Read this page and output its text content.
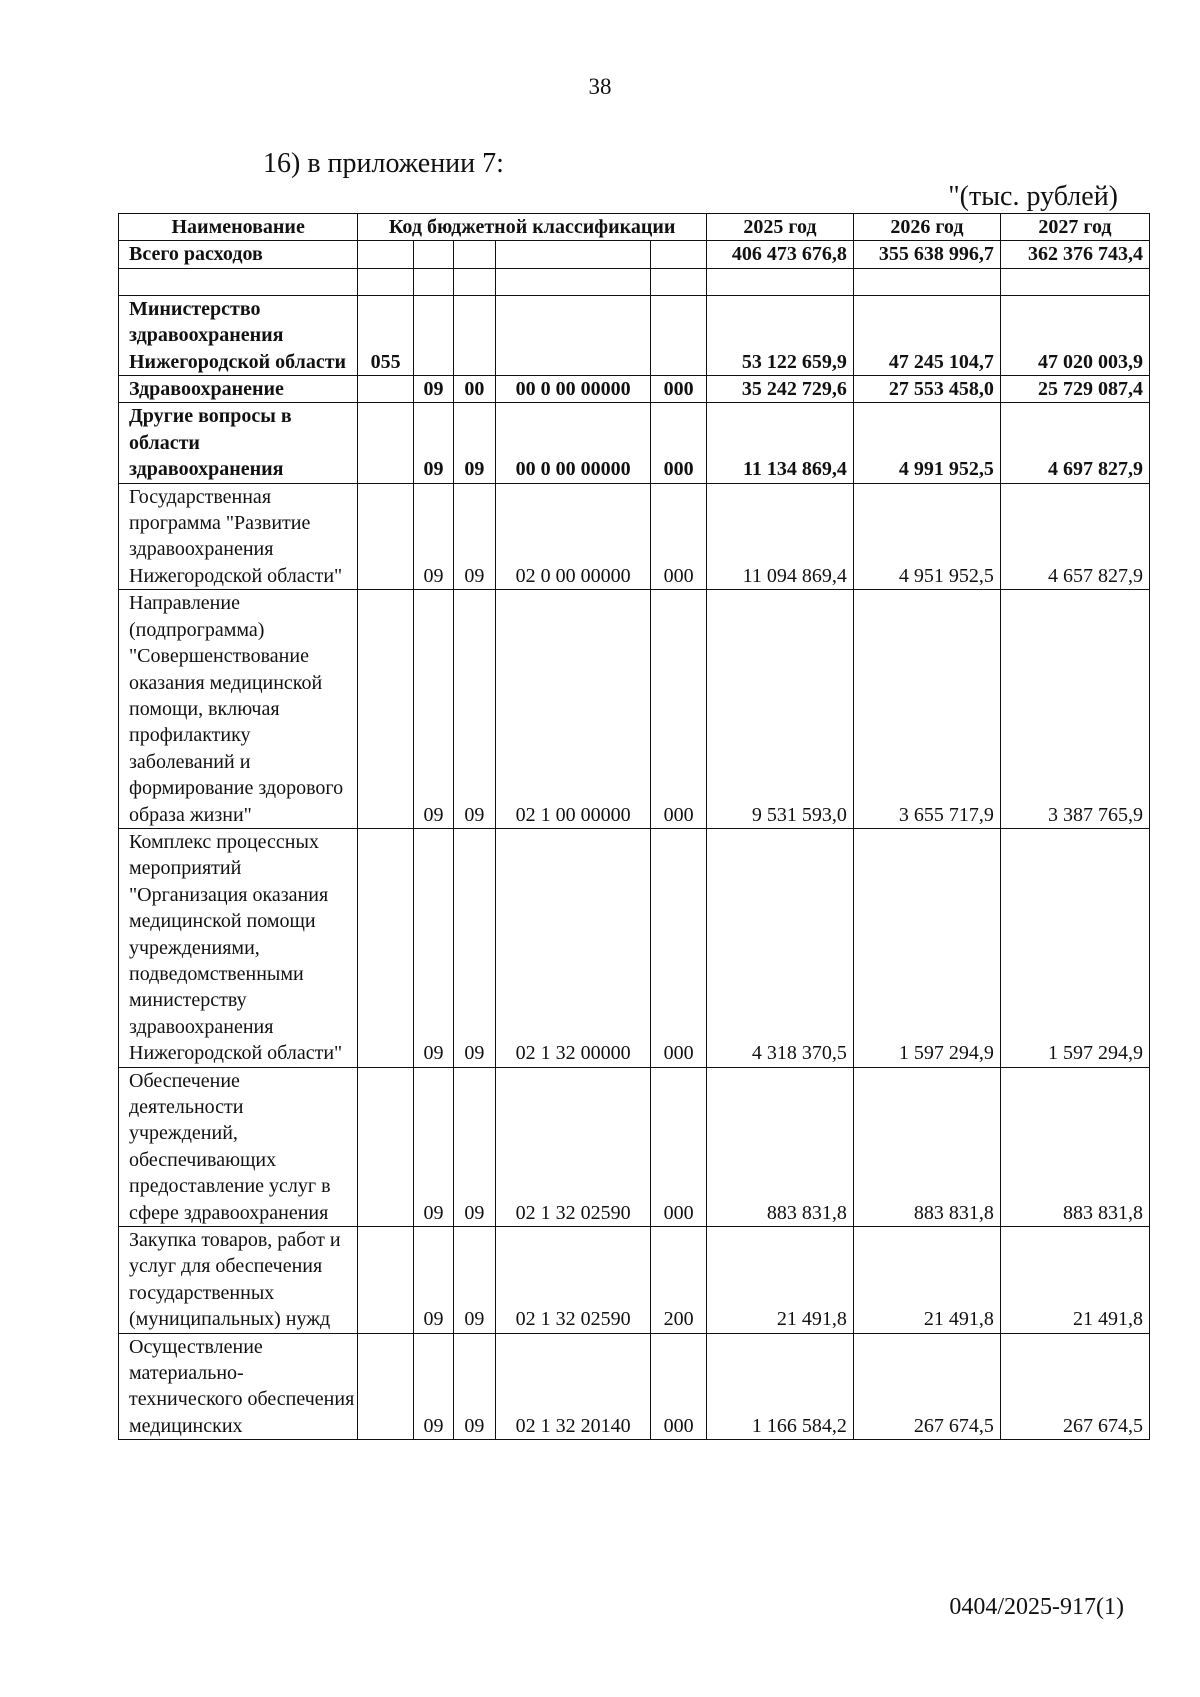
38
16) в приложении 7:
"(тыс. рублей)
Наименование	Код бюджетной классификации					2025 год	2026 год	2027 год
Всего расходов						406 473 676,8	355 638 996,7	362 376 743,4

Министерство здравоохранения Нижегородской области	055					53 122 659,9	47 245 104,7	47 020 003,9
Здравоохранение		09	00	00 0 00 00000	000	35 242 729,6	27 553 458,0	25 729 087,4
Другие вопросы в области здравоохранения		09	09	00 0 00 00000	000	11 134 869,4	4 991 952,5	4 697 827,9
Государственная программа "Развитие здравоохранения Нижегородской области"		09	09	02 0 00 00000	000	11 094 869,4	4 951 952,5	4 657 827,9
Направление (подпрограмма) "Совершенствование оказания медицинской помощи, включая профилактику заболеваний и формирование здорового образа жизни"		09	09	02 1 00 00000	000	9 531 593,0	3 655 717,9	3 387 765,9
Комплекс процессных мероприятий "Организация оказания медицинской помощи учреждениями, подведомственными министерству здравоохранения Нижегородской области"		09	09	02 1 32 00000	000	4 318 370,5	1 597 294,9	1 597 294,9
Обеспечение деятельности учреждений, обеспечивающих предоставление услуг в сфере здравоохранения		09	09	02 1 32 02590	000	883 831,8	883 831,8	883 831,8
Закупка товаров, работ и услуг для обеспечения государственных (муниципальных) нужд		09	09	02 1 32 02590	200	21 491,8	21 491,8	21 491,8
Осуществление материально-технического обеспечения медицинских		09	09	02 1 32 20140	000	1 166 584,2	267 674,5	267 674,5
0404/2025-917(1)
